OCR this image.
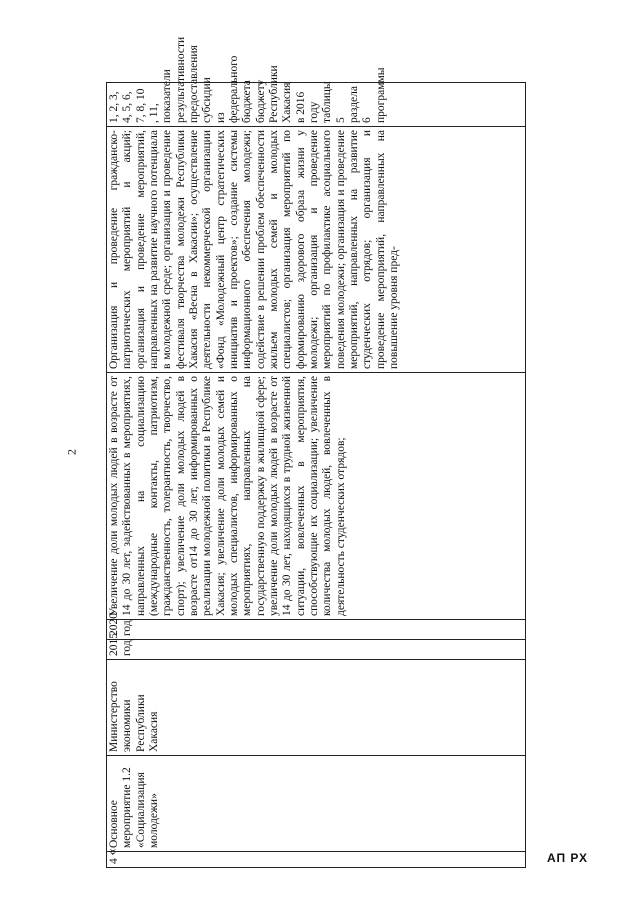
2
«
4	Основное мероприятие 1.2 «Социализация молодежи»	Министерство экономики Республики Хакасия	2015 год	2020 год	Увеличение доли молодых людей в возрасте от 14 до 30 лет, задействованных в мероприятиях, направленных на социализацию (международные контакты, патриотизм, гражданственность, толерантность, творчество, спорт); увеличение доли молодых людей в возрасте от14 до 30 лет, информированных о реализации молодежной политики в Республике Хакасия; увеличение доли молодых семей и молодых специалистов, информированных о мероприятиях, направленных на государственную поддержку в жилищной сфере; увеличение доли молодых людей в возрасте от 14 до 30 лет, находящихся в трудной жизненной ситуации, вовлеченных в мероприятия, способствующие их социализации; увеличение количества молодых людей, вовлеченных в деятельность студенческих отрядов;	Организация и проведение гражданско-патриотических мероприятий и акций; организация и проведение мероприятий, направленных на развитие научного потенциала в молодежной среде; организация и проведение фестиваля творчества молодежи Республики Хакасия «Весна в Хакасии»; осуществление деятельности некоммерческой организации «Фонд «Молодежный центр стратегических инициатив и проектов»; создание системы информационного обеспечения молодежи; содействие в решении проблем обеспеченности жильем молодых семей и молодых специалистов; организация мероприятий по формированию здорового образа жизни у молодежи; организация и проведение мероприятий по профилактике асоциального поведения молодежи; организация и проведение мероприятий, направленных на развитие студенческих отрядов; организация и проведение мероприятий, направленных на повышение уровня пред-	1, 2, 3, 4, 5, 6, 7, 8, 10 , 11, показатели результативности предоставления субсидии из федерального бюджета бюджету Республики Хакасия в 2016 году таблицы 5 раздела 6 программы
АП РХ
